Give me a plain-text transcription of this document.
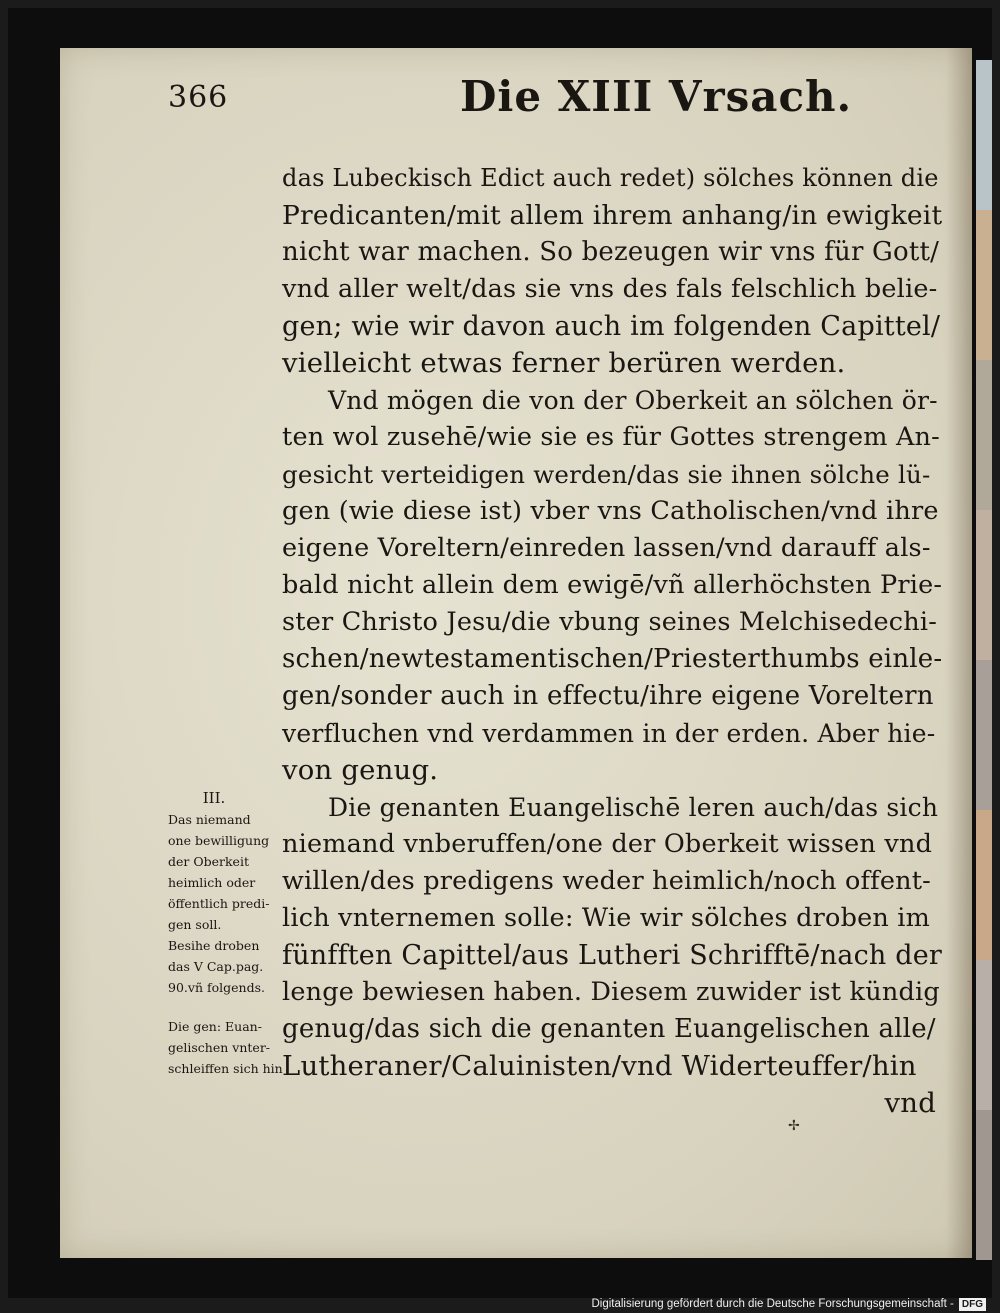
366	Die XIII Vrsach.
das Lubeckisch Edict auch redet) sölches können die
Predicanten/mit allem ihrem anhang/in ewigkeit
nicht war machen. So bezeugen wir vns für Gott/
vnd aller welt/das sie vns des fals felschlich belie-
gen; wie wir davon auch im folgenden Capittel/
vielleicht etwas ferner berüren werden.
Vnd mögen die von der Oberkeit an sölchen ör-
ten wol zusehē/wie sie es für Gottes strengem An-
gesicht verteidigen werden/das sie ihnen sölche lü-
gen (wie diese ist) vber vns Catholischen/vnd ihre
eigene Voreltern/einreden lassen/vnd darauff als-
bald nicht allein dem ewigē/vñ allerhöchsten Prie-
ster Christo Jesu/die vbung seines Melchisedechi-
schen/newtestamentischen/Priesterthumbs einle-
gen/sonder auch in effectu/ihre eigene Voreltern
verfluchen vnd verdammen in der erden. Aber hie-
von genug.
Die genanten Euangelischē leren auch/das sich
niemand vnberuffen/one der Oberkeit wissen vnd
willen/des predigens weder heimlich/noch offent-
lich vnternemen solle: Wie wir sölches droben im
fünfften Capittel/aus Lutheri Schrifftē/nach der
lenge bewiesen haben. Diesem zuwider ist kündig
genug/das sich die genanten Euangelischen alle/
Lutheraner/Caluinisten/vnd Widerteuffer/hin
vnd
III.
Das niemand
one bewilligung
der Oberkeit
heimlich oder
öffentlich predi-
gen soll.
Besihe droben
das V Cap.pag.
90.vñ folgends.
Die gen: Euan-
gelischen vnter-
schleiffen sich hin
✢
Digitalisierung gefördert durch die Deutsche Forschungsgemeinschaft - DFG
